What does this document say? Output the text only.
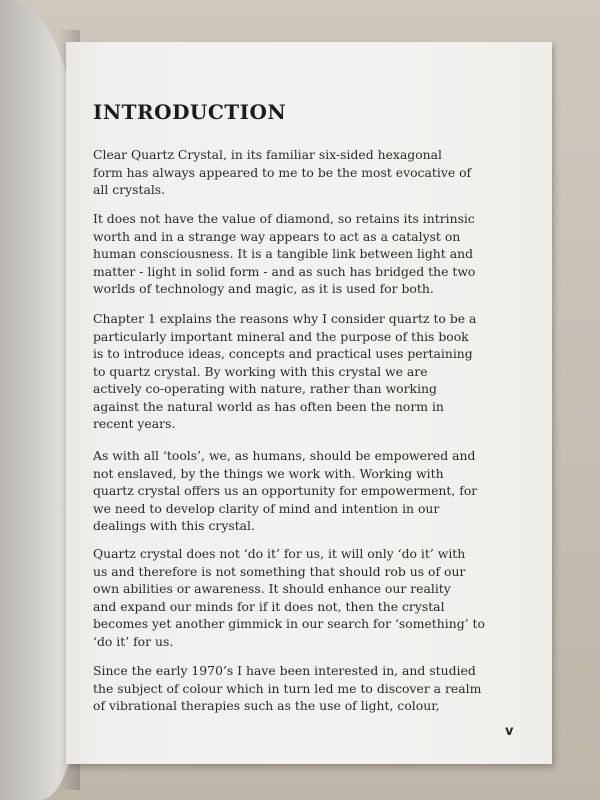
INTRODUCTION
Clear Quartz Crystal, in its familiar six-sided hexagonal
form has always appeared to me to be the most evocative of
all crystals.
It does not have the value of diamond, so retains its intrinsic
worth and in a strange way appears to act as a catalyst on
human consciousness. It is a tangible link between light and
matter - light in solid form - and as such has bridged the two
worlds of technology and magic, as it is used for both.
Chapter 1 explains the reasons why I consider quartz to be a
particularly important mineral and the purpose of this book
is to introduce ideas, concepts and practical uses pertaining
to quartz crystal. By working with this crystal we are
actively co-operating with nature, rather than working
against the natural world as has often been the norm in
recent years.
As with all ‘tools’, we, as humans, should be empowered and
not enslaved, by the things we work with. Working with
quartz crystal offers us an opportunity for empowerment, for
we need to develop clarity of mind and intention in our
dealings with this crystal.
Quartz crystal does not ‘do it’ for us, it will only ‘do it’ with
us and therefore is not something that should rob us of our
own abilities or awareness. It should enhance our reality
and expand our minds for if it does not, then the crystal
becomes yet another gimmick in our search for ‘something’ to
‘do it’ for us.
Since the early 1970’s I have been interested in, and studied
the subject of colour which in turn led me to discover a realm
of vibrational therapies such as the use of light, colour,
v
